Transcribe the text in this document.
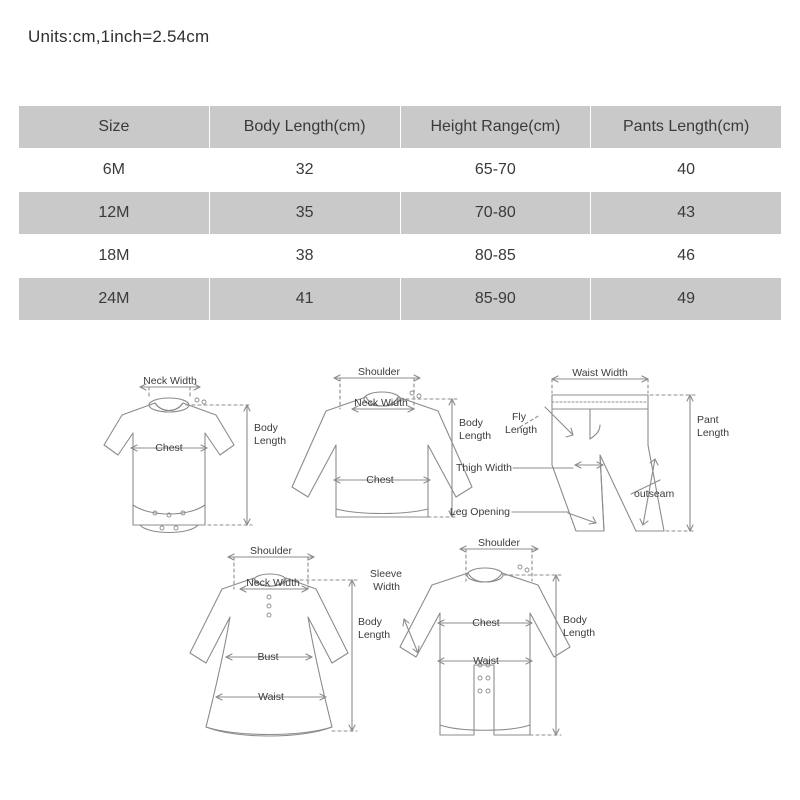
Units:cm,1inch=2.54cm
Size	Body Length(cm)	Height Range(cm)	Pants Length(cm)
6M	32	65-70	40
12M	35	70-80	43
18M	38	80-85	46
24M	41	85-90	49
Neck Width
Chest
Body
Length
Shoulder
Neck Width
Chest
Body
Length
Waist Width
Fly
Length
Thigh Width
Leg Opening
outseam
Pant
Length
Shoulder
Neck Width
Bust
Waist
Body
Length
Shoulder
Sleeve
Width
Chest
Waist
Body
Length
